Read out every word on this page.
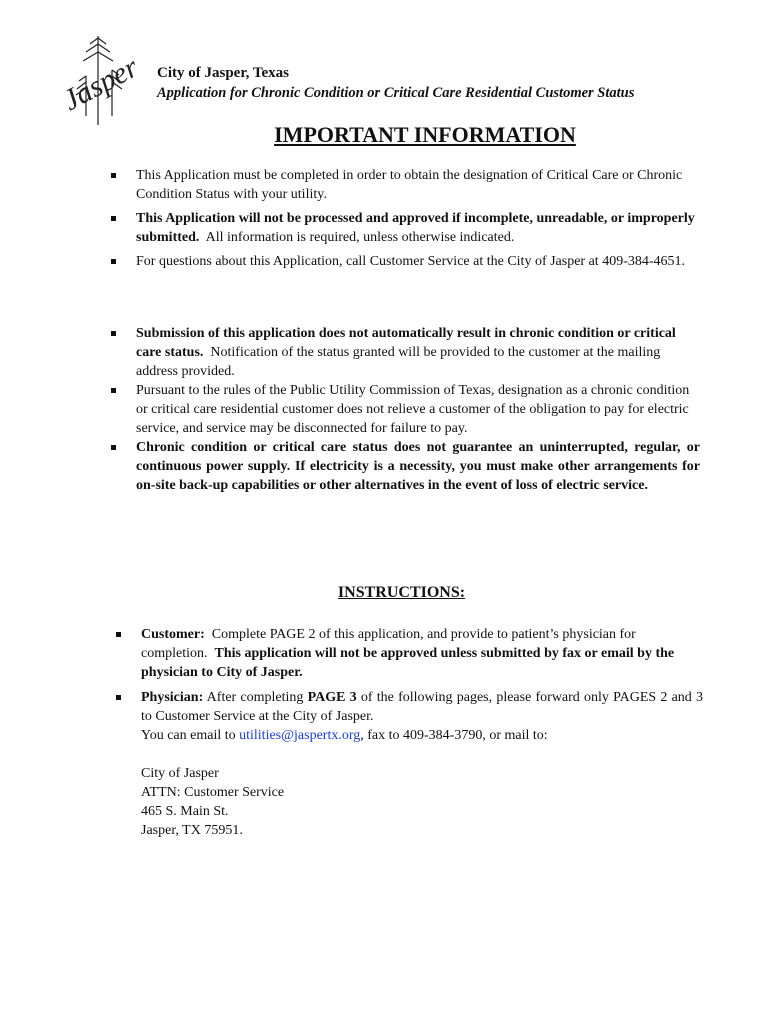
Jasper City of Jasper, Texas
Application for Chronic Condition or Critical Care Residential Customer Status
IMPORTANT INFORMATION
This Application must be completed in order to obtain the designation of Critical Care or Chronic Condition Status with your utility.
This Application will not be processed and approved if incomplete, unreadable, or improperly submitted. All information is required, unless otherwise indicated.
For questions about this Application, call Customer Service at the City of Jasper at 409-384-4651.
Submission of this application does not automatically result in chronic condition or critical care status. Notification of the status granted will be provided to the customer at the mailing address provided.
Pursuant to the rules of the Public Utility Commission of Texas, designation as a chronic condition or critical care residential customer does not relieve a customer of the obligation to pay for electric service, and service may be disconnected for failure to pay.
Chronic condition or critical care status does not guarantee an uninterrupted, regular, or continuous power supply. If electricity is a necessity, you must make other arrangements for on-site back-up capabilities or other alternatives in the event of loss of electric service.
INSTRUCTIONS:
Customer: Complete PAGE 2 of this application, and provide to patient’s physician for completion. This application will not be approved unless submitted by fax or email by the physician to City of Jasper.
Physician: After completing PAGE 3 of the following pages, please forward only PAGES 2 and 3 to Customer Service at the City of Jasper.
You can email to utilities@jaspertx.org, fax to 409-384-3790, or mail to:
City of Jasper
ATTN: Customer Service
465 S. Main St.
Jasper, TX 75951.
